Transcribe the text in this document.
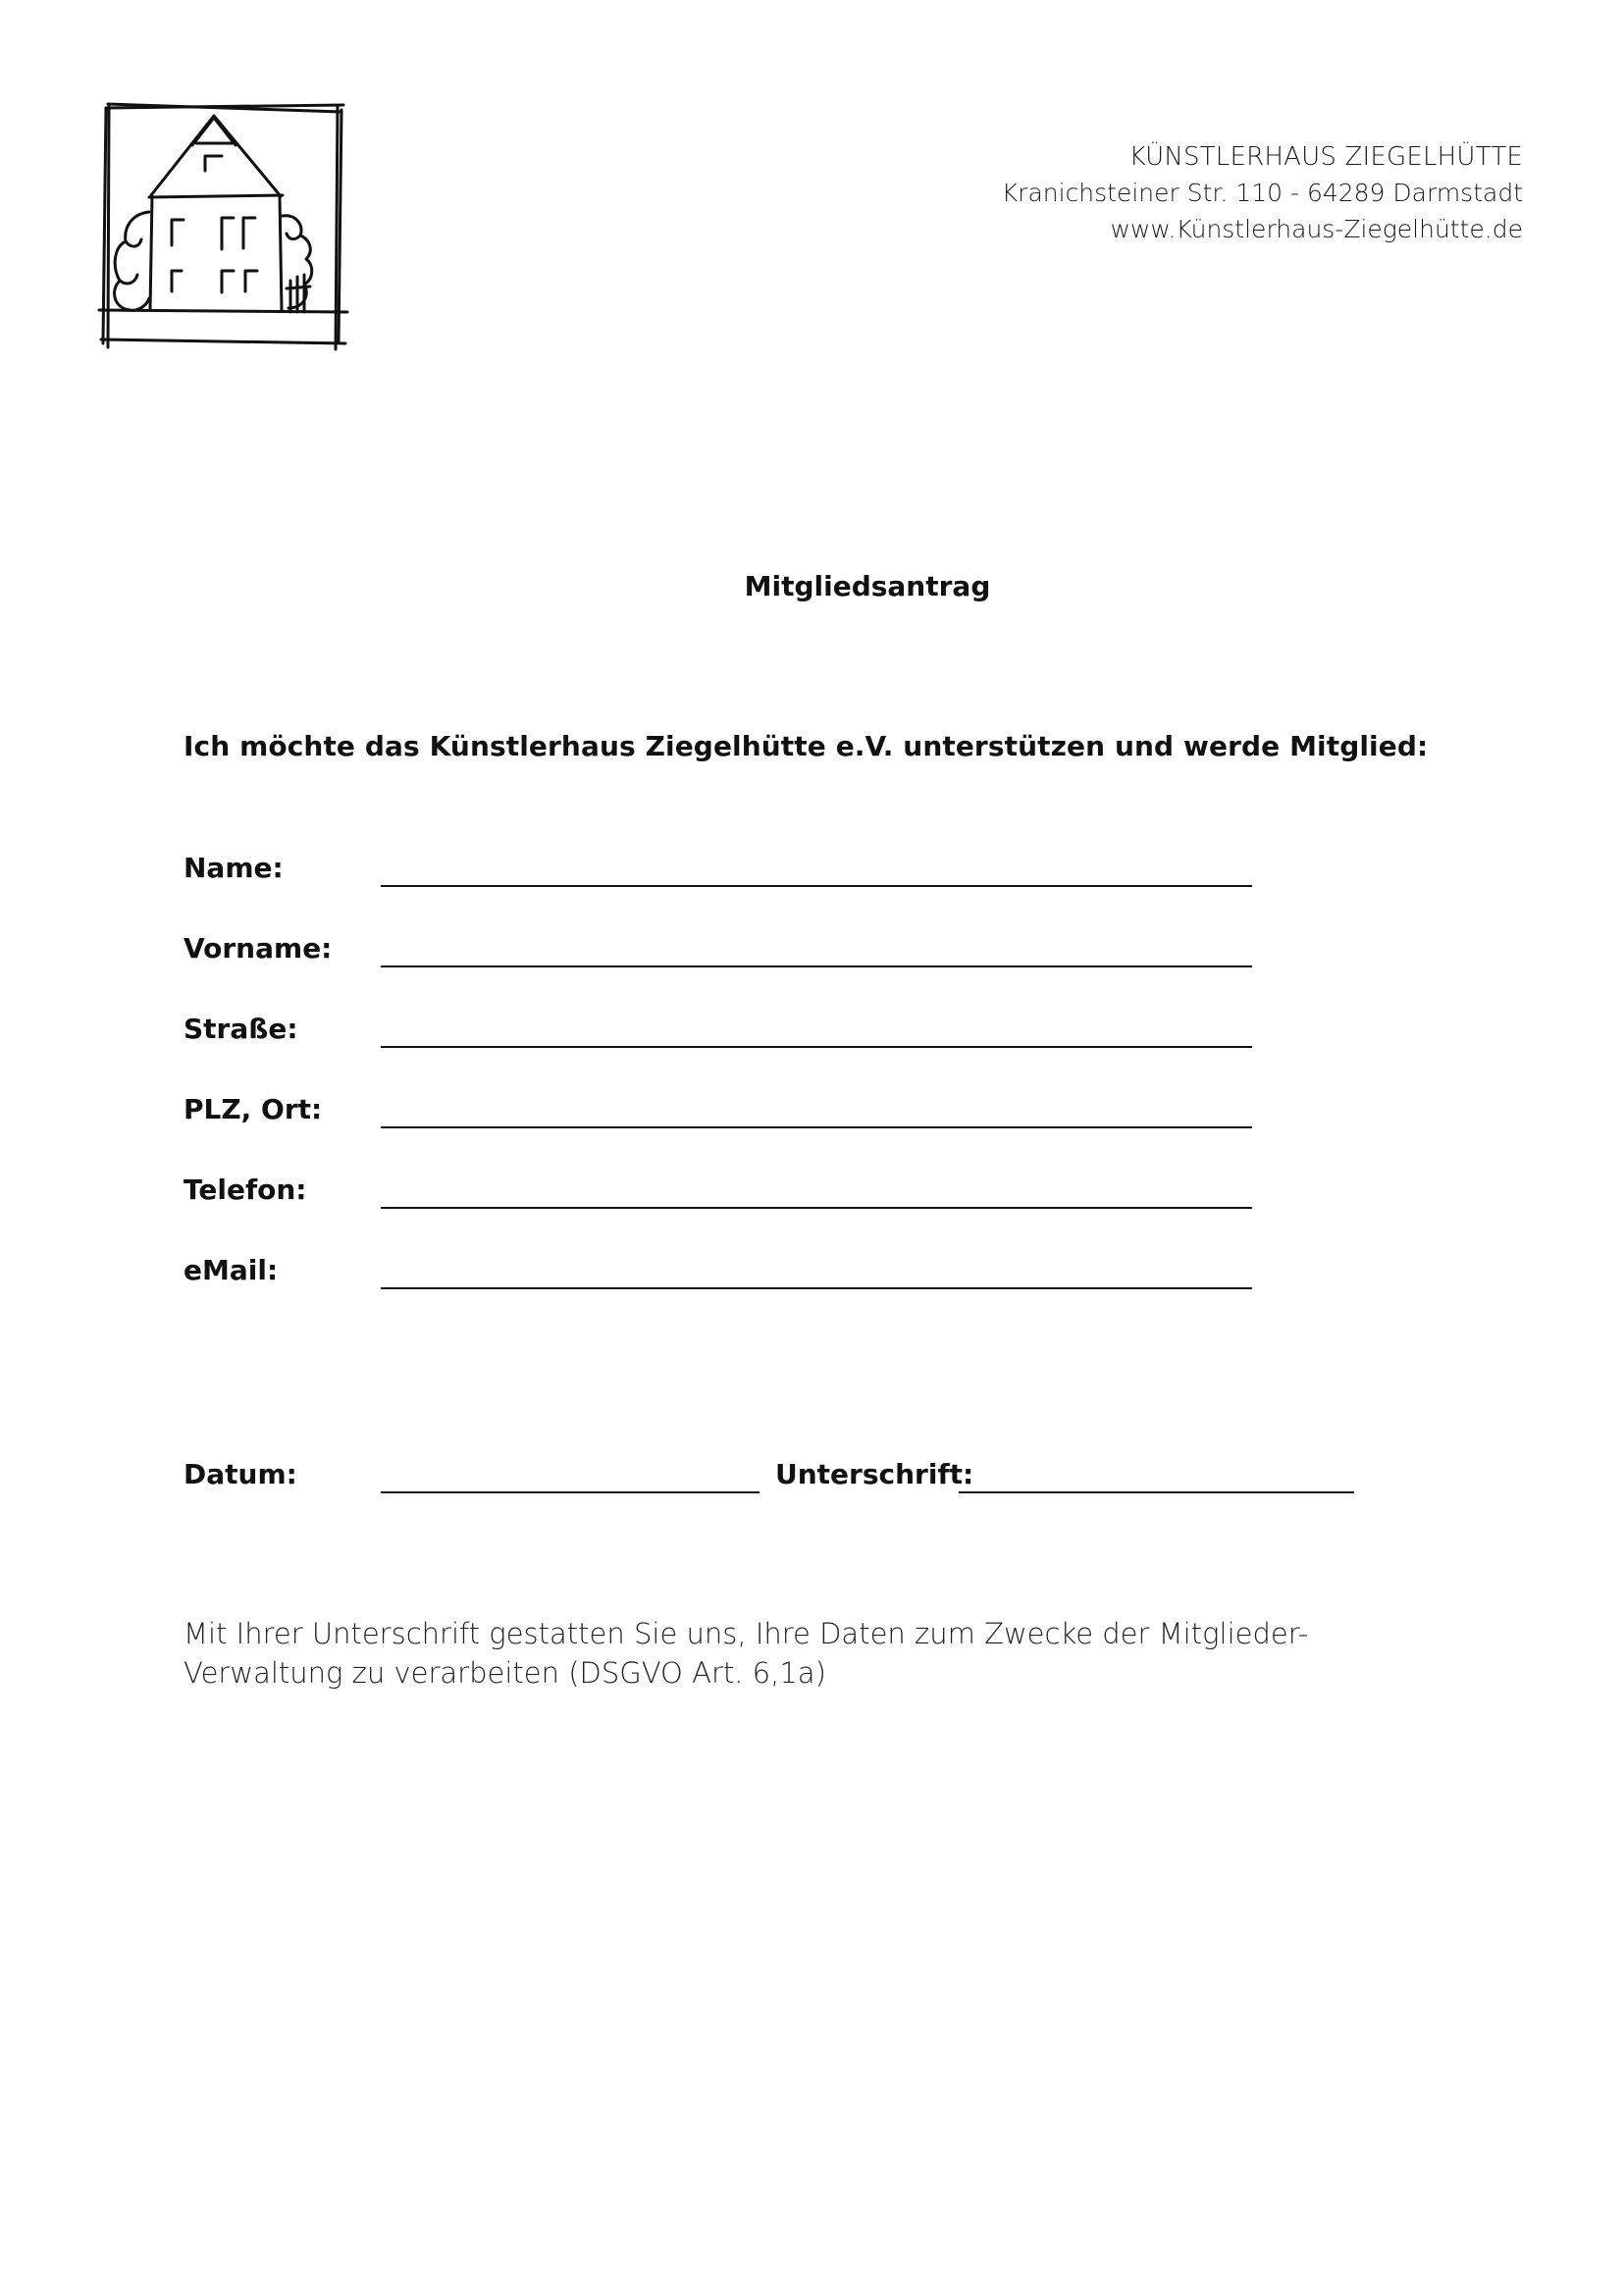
KÜNSTLERHAUS ZIEGELHÜTTE
Kranichsteiner Str. 110 - 64289 Darmstadt
www.Künstlerhaus-Ziegelhütte.de
Mitgliedsantrag
Ich möchte das Künstlerhaus Ziegelhütte e.V. unterstützen und werde Mitglied:
Name:
Vorname:
Straße:
PLZ, Ort:
Telefon:
eMail:
Datum:	Unterschrift:
Mit Ihrer Unterschrift gestatten Sie uns, Ihre Daten zum Zwecke der Mitglieder-
Verwaltung zu verarbeiten (DSGVO Art. 6,1a)
